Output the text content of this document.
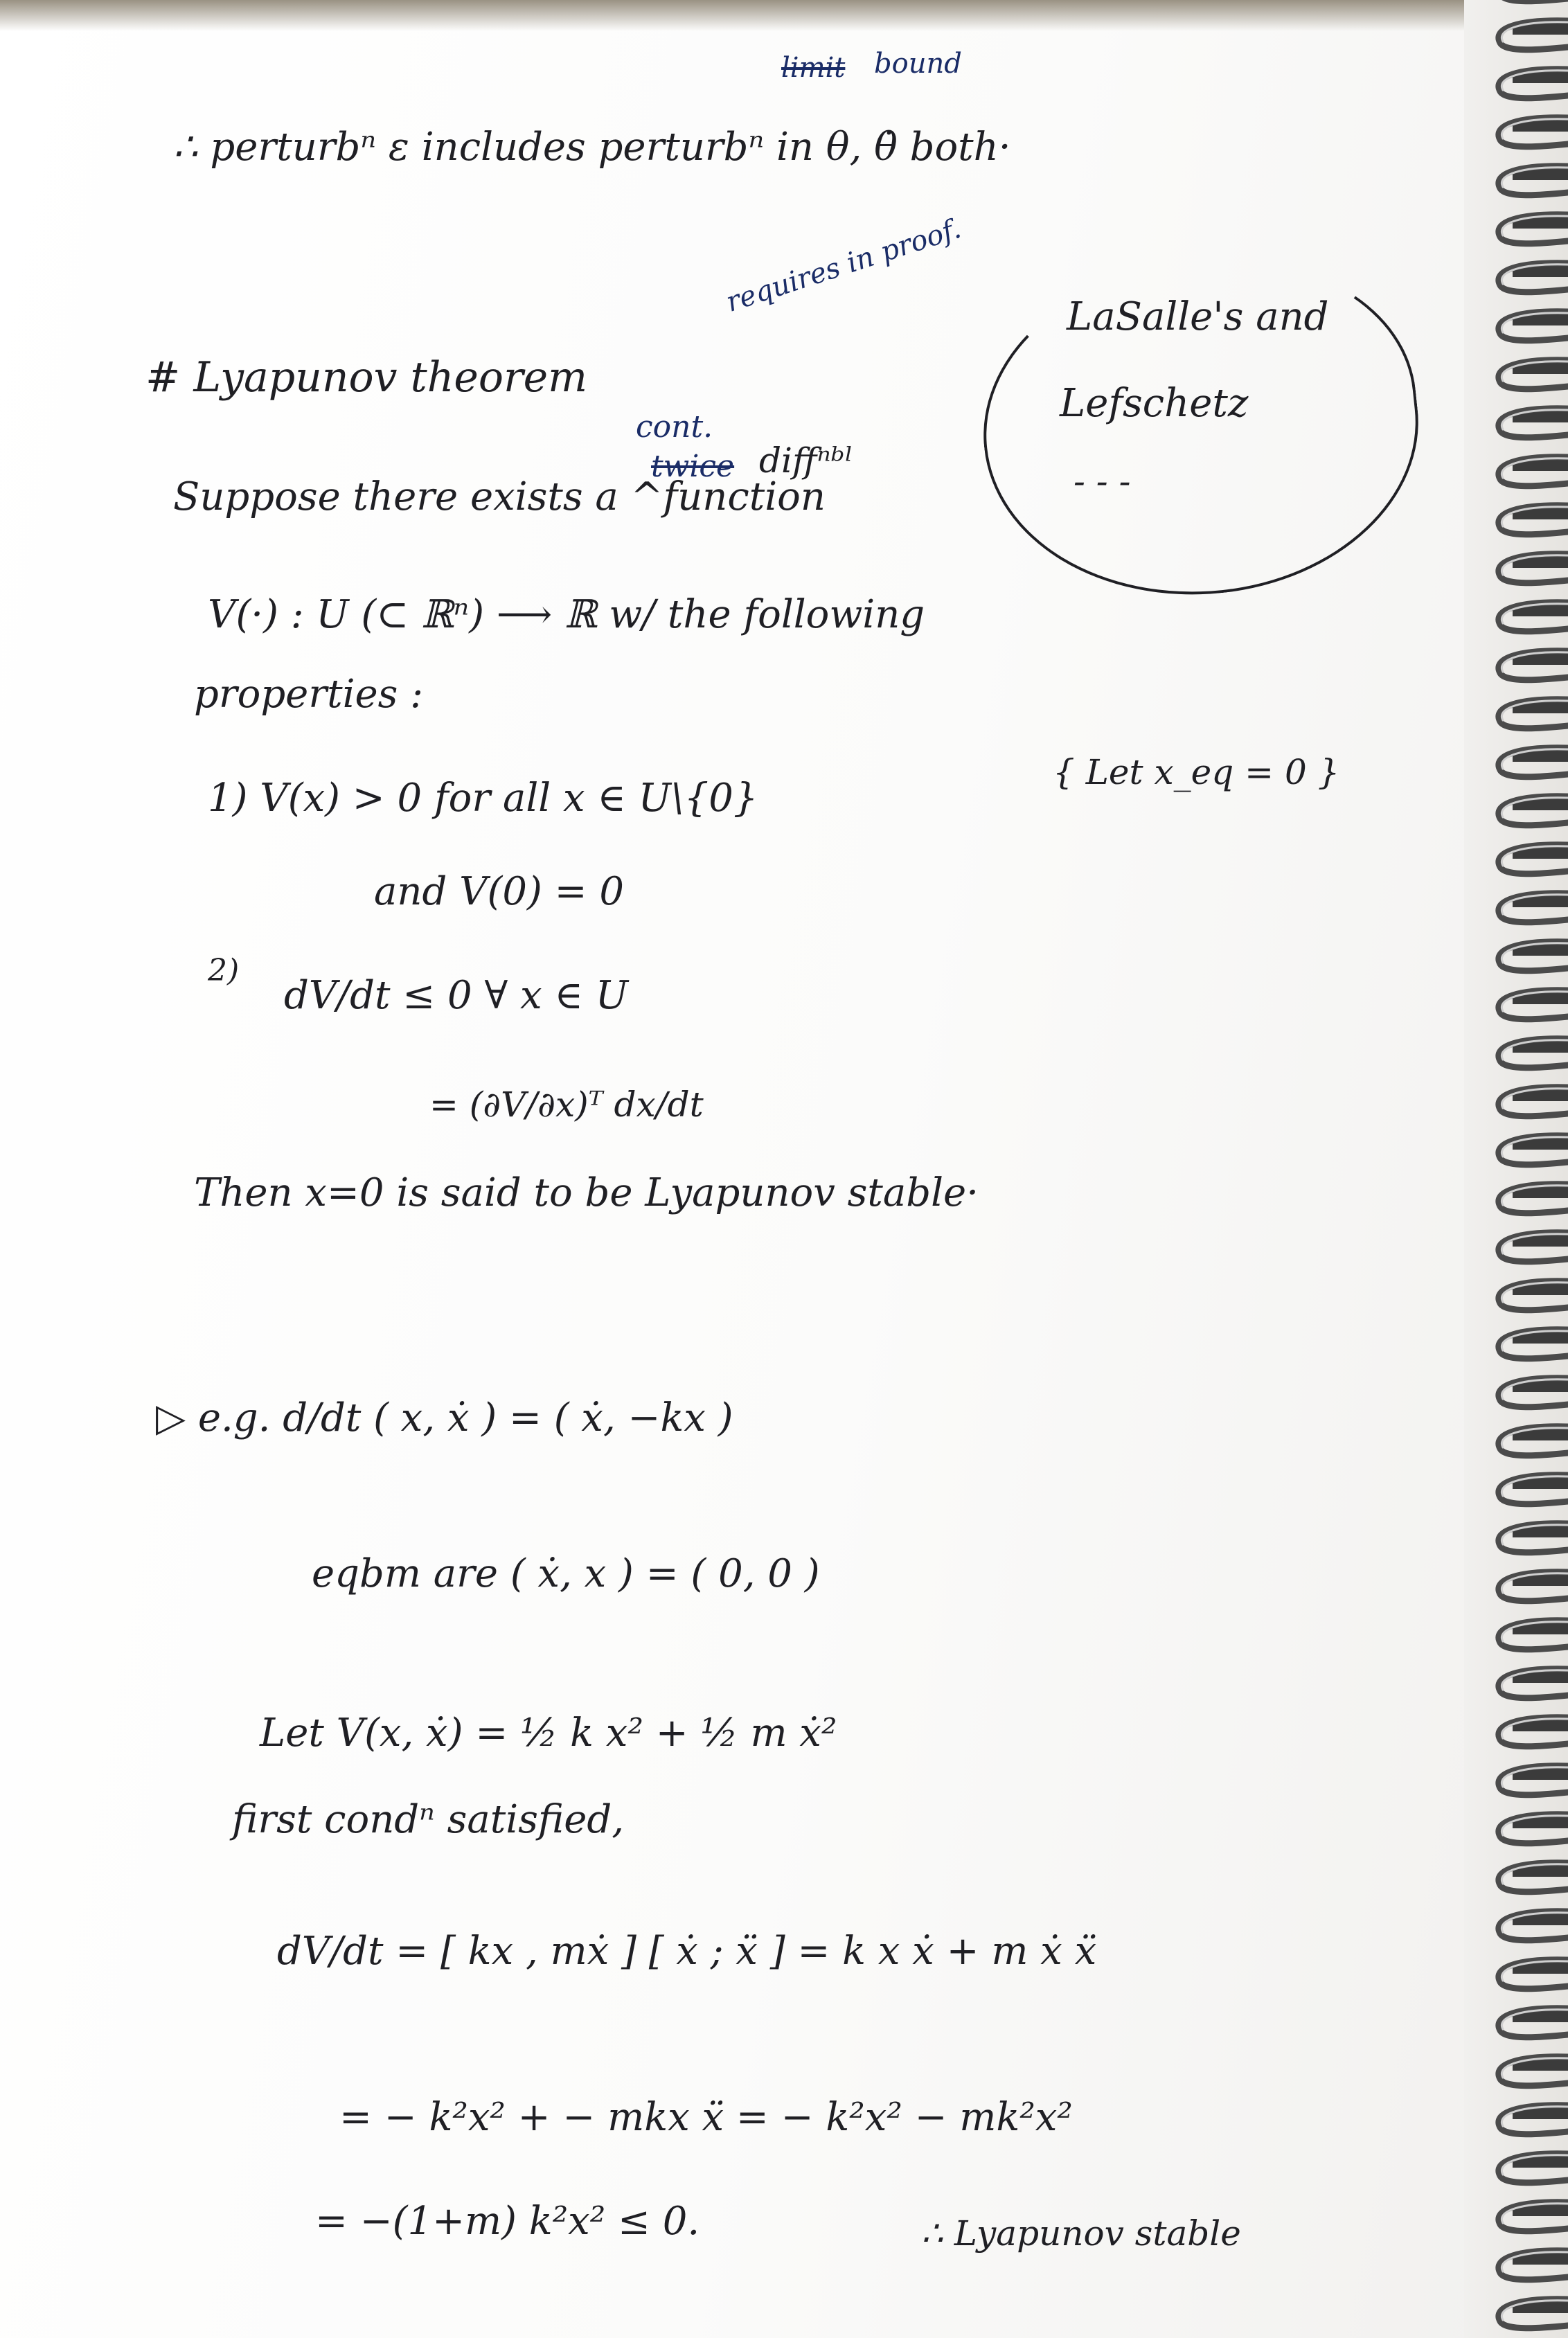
limit bound

∴ perturbⁿ ε includes perturbⁿ in θ, θ̇ both·

# Lyapunov theorem

requires in proof.

cont.

twice diffⁿᵇˡ

Suppose there exists a ^function

LaSalle's and

Lefschetz

- - -

V(·) : U (⊂ ℝⁿ) ⟶ ℝ w/ the following

properties :

1) V(x) > 0 for all x ∈ U\{0}

{ Let x_eq = 0 }

and V(0) = 0

2)

dV/dt ≤ 0 ∀ x ∈ U

= (∂V/∂x)ᵀ dx/dt

Then x=0 is said to be Lyapunov stable·

▷ e.g. d/dt ( x, ẋ ) = ( ẋ, −kx )

eqbm are ( ẋ, x ) = ( 0, 0 )

Let V(x, ẋ) = ½ k x² + ½ m ẋ²

first condⁿ satisfied,

dV/dt = [ kx , mẋ ] [ ẋ ; ẍ ] = k x ẋ + m ẋ ẍ

= − k²x² + − mkx ẍ = − k²x² − mk²x²

= −(1+m) k²x² ≤ 0.	∴ Lyapunov stable
